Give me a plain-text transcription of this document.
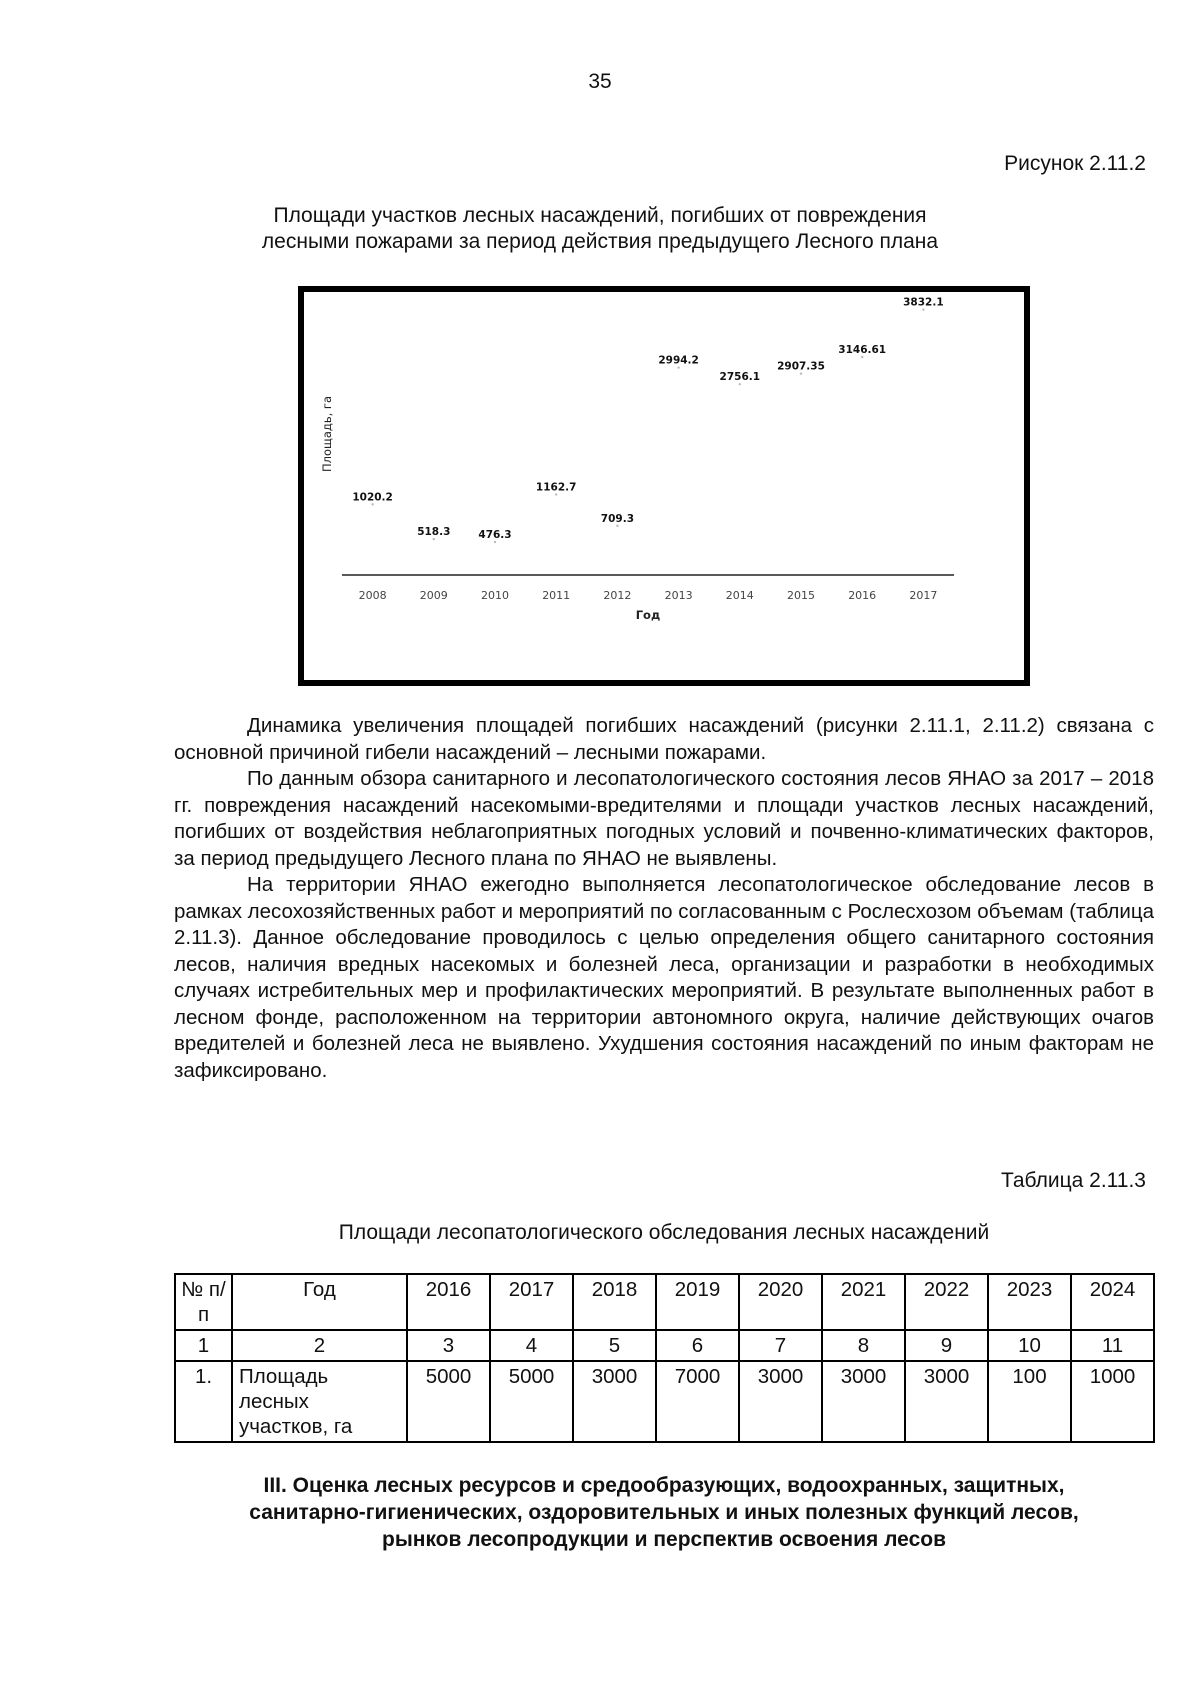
35
Рисунок 2.11.2
Площади участков лесных насаждений, погибших от повреждения
лесными пожарами за период действия предыдущего Лесного плана
2008
1020.2
2009
518.3
2010
476.3
2011
1162.7
2012
709.3
2013
2994.2
2014
2756.1
2015
2907.35
2016
3146.61
2017
3832.1
Год
Площадь, га

Динамика увеличения площадей погибших насаждений (рисунки 2.11.1, 2.11.2) связана с основной причиной гибели насаждений – лесными пожарами.

По данным обзора санитарного и лесопатологического состояния лесов ЯНАО за 2017 – 2018 гг. повреждения насаждений насекомыми-вредителями и площади участков лесных насаждений, погибших от воздействия неблагоприятных погодных условий и почвенно-климатических факторов, за период предыдущего Лесного плана по ЯНАО не выявлены.

На территории ЯНАО ежегодно выполняется лесопатологическое обследование лесов в рамках лесохозяйственных работ и мероприятий по согласованным с Рослесхозом объемам (таблица 2.11.3). Данное обследование проводилось с целью определения общего санитарного состояния лесов, наличия вредных насекомых и болезней леса, организации и разработки в необходимых случаях истребительных мер и профилактических мероприятий. В результате выполненных работ в лесном фонде, расположенном на территории автономного округа, наличие действующих очагов вредителей и болезней леса не выявлено. Ухудшения состояния насаждений по иным факторам не зафиксировано.

Таблица 2.11.3
Площади лесопатологического обследования лесных насаждений
№ п/п	Год	2016	2017	2018	2019	2020	2021	2022	2023	2024
1	2	3	4	5	6	7	8	9	10	11
1.	Площадь лесных участков, га	5000	5000	3000	7000	3000	3000	3000	100	1000
III. Оценка лесных ресурсов и средообразующих, водоохранных, защитных,
санитарно-гигиенических, оздоровительных и иных полезных функций лесов,
рынков лесопродукции и перспектив освоения лесов
